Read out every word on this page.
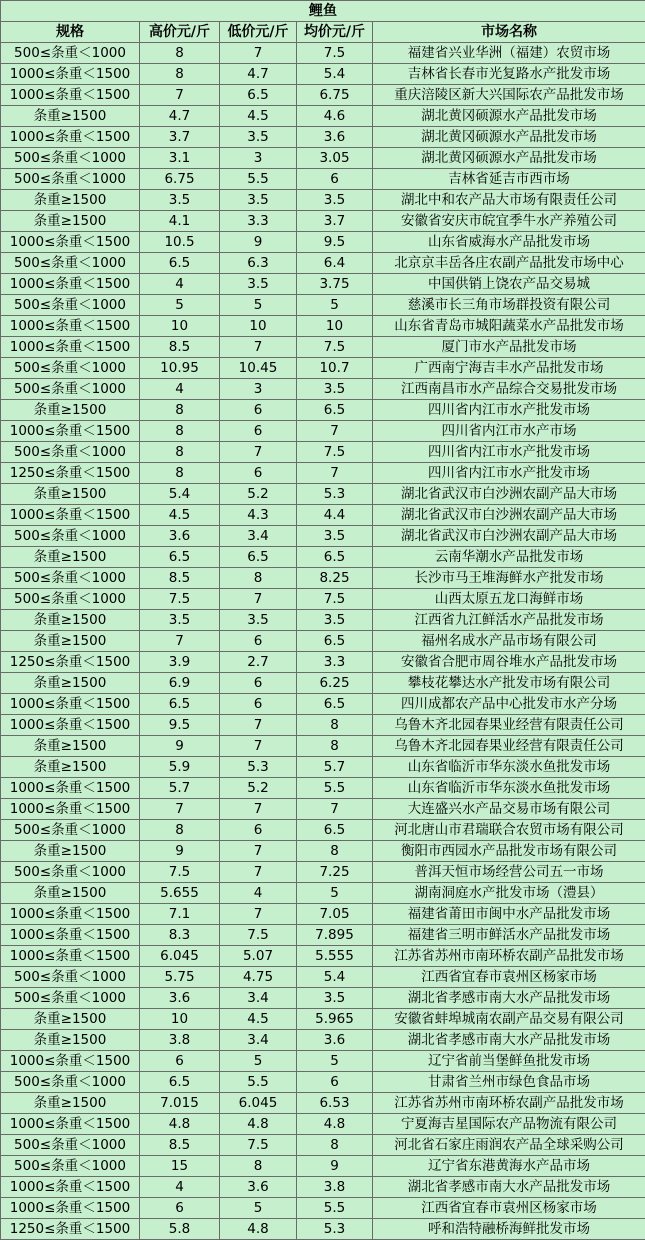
鲤鱼				
规格	高价元/斤	低价元/斤	均价元/斤	市场名称
500≤条重＜1000	8	7	7.5	福建省兴业华洲（福建）农贸市场
1000≤条重＜1500	8	4.7	5.4	吉林省长春市光复路水产批发市场
1000≤条重＜1500	7	6.5	6.75	重庆涪陵区新大兴国际农产品批发市场
条重≥1500	4.7	4.5	4.6	湖北黄冈硕源水产品批发市场
1000≤条重＜1500	3.7	3.5	3.6	湖北黄冈硕源水产品批发市场
500≤条重＜1000	3.1	3	3.05	湖北黄冈硕源水产品批发市场
500≤条重＜1000	6.75	5.5	6	吉林省延吉市西市场
条重≥1500	3.5	3.5	3.5	湖北中和农产品大市场有限责任公司
条重≥1500	4.1	3.3	3.7	安徽省安庆市皖宜季牛水产养殖公司
1000≤条重＜1500	10.5	9	9.5	山东省威海水产品批发市场
500≤条重＜1000	6.5	6.3	6.4	北京京丰岳各庄农副产品批发市场中心
1000≤条重＜1500	4	3.5	3.75	中国供销上饶农产品交易城
500≤条重＜1000	5	5	5	慈溪市长三角市场群投资有限公司
1000≤条重＜1500	10	10	10	山东省青岛市城阳蔬菜水产品批发市场
1000≤条重＜1500	8.5	7	7.5	厦门市水产品批发市场
500≤条重＜1000	10.95	10.45	10.7	广西南宁海吉丰水产品批发市场
500≤条重＜1000	4	3	3.5	江西南昌市水产品综合交易批发市场
条重≥1500	8	6	6.5	四川省内江市水产批发市场
1000≤条重＜1500	8	6	7	四川省内江市水产市场
500≤条重＜1000	8	7	7.5	四川省内江市水产批发市场
1250≤条重＜1500	8	6	7	四川省内江市水产批发市场
条重≥1500	5.4	5.2	5.3	湖北省武汉市白沙洲农副产品大市场
1000≤条重＜1500	4.5	4.3	4.4	湖北省武汉市白沙洲农副产品大市场
500≤条重＜1000	3.6	3.4	3.5	湖北省武汉市白沙洲农副产品大市场
条重≥1500	6.5	6.5	6.5	云南华潮水产品批发市场
500≤条重＜1000	8.5	8	8.25	长沙市马王堆海鲜水产批发市场
500≤条重＜1000	7.5	7	7.5	山西太原五龙口海鲜市场
条重≥1500	3.5	3.5	3.5	江西省九江鲜活水产品批发市场
条重≥1500	7	6	6.5	福州名成水产品市场有限公司
1250≤条重＜1500	3.9	2.7	3.3	安徽省合肥市周谷堆水产品批发市场
条重≥1500	6.9	6	6.25	攀枝花攀达水产批发市场有限公司
1000≤条重＜1500	6.5	6	6.5	四川成都农产品中心批发市水产分场
1000≤条重＜1500	9.5	7	8	乌鲁木齐北园春果业经营有限责任公司
条重≥1500	9	7	8	乌鲁木齐北园春果业经营有限责任公司
条重≥1500	5.9	5.3	5.7	山东省临沂市华东淡水鱼批发市场
1000≤条重＜1500	5.7	5.2	5.5	山东省临沂市华东淡水鱼批发市场
1000≤条重＜1500	7	7	7	大连盛兴水产品交易市场有限公司
500≤条重＜1000	8	6	6.5	河北唐山市君瑞联合农贸市场有限公司
条重≥1500	9	7	8	衡阳市西园水产品批发市场有限公司
500≤条重＜1000	7.5	7	7.25	普洱天恒市场经营公司五一市场
条重≥1500	5.655	4	5	湖南洞庭水产批发市场（澧县）
1000≤条重＜1500	7.1	7	7.05	福建省莆田市闽中水产品批发市场
1000≤条重＜1500	8.3	7.5	7.895	福建省三明市鲜活水产品批发市场
1000≤条重＜1500	6.045	5.07	5.555	江苏省苏州市南环桥农副产品批发市场
500≤条重＜1000	5.75	4.75	5.4	江西省宜春市袁州区杨家市场
500≤条重＜1000	3.6	3.4	3.5	湖北省孝感市南大水产品批发市场
条重≥1500	10	4.5	5.965	安徽省蚌埠城南农副产品交易有限公司
条重≥1500	3.8	3.4	3.6	湖北省孝感市南大水产品批发市场
1000≤条重＜1500	6	5	5	辽宁省前当堡鲜鱼批发市场
500≤条重＜1000	6.5	5.5	6	甘肃省兰州市绿色食品市场
条重≥1500	7.015	6.045	6.53	江苏省苏州市南环桥农副产品批发市场
1000≤条重＜1500	4.8	4.8	4.8	宁夏海吉星国际农产品物流有限公司
500≤条重＜1000	8.5	7.5	8	河北省石家庄雨润农产品全球采购公司
500≤条重＜1000	15	8	9	辽宁省东港黄海水产品市场
1000≤条重＜1500	4	3.6	3.8	湖北省孝感市南大水产品批发市场
1000≤条重＜1500	6	5	5.5	江西省宜春市袁州区杨家市场
1250≤条重＜1500	5.8	4.8	5.3	呼和浩特融桥海鲜批发市场
